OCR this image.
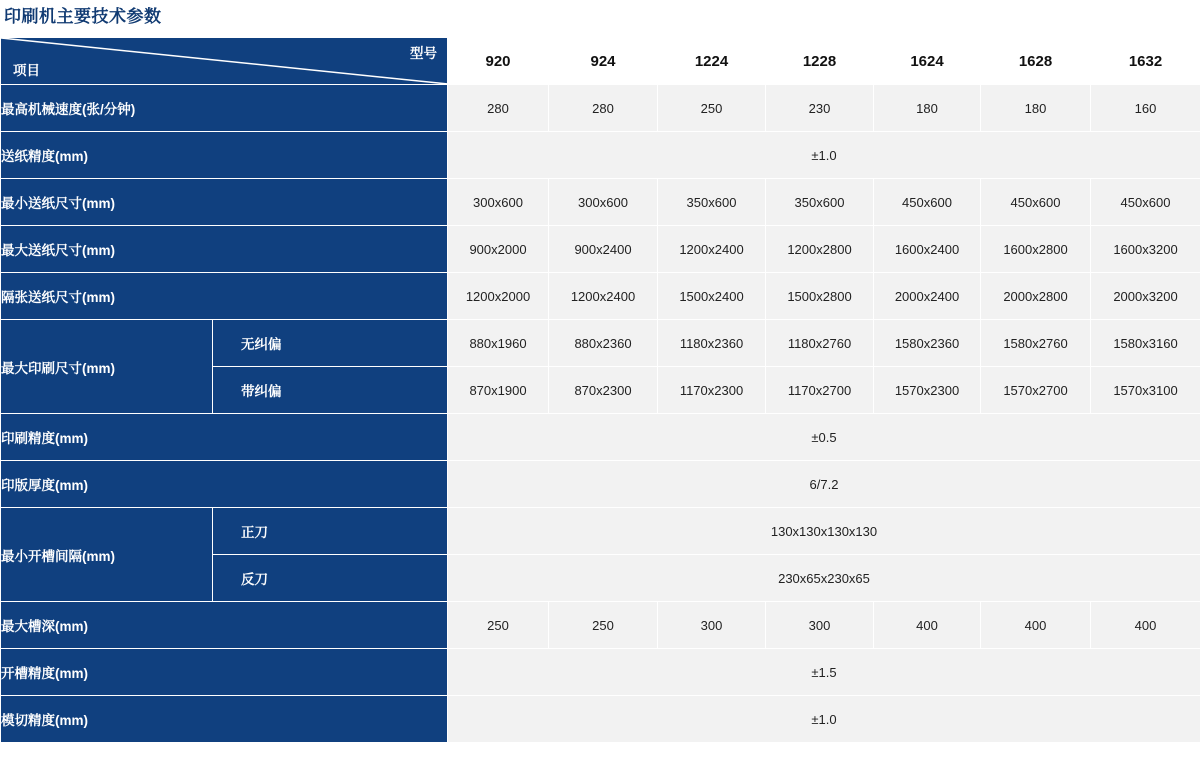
印刷机主要技术参数
项目
型号		920	924	1224	1228	1624	1628	1632
最高机械速度(张/分钟)		280	280	250	230	180	180	160
送纸精度(mm)		±1.0						
最小送纸尺寸(mm)		300x600	300x600	350x600	350x600	450x600	450x600	450x600
最大送纸尺寸(mm)		900x2000	900x2400	1200x2400	1200x2800	1600x2400	1600x2800	1600x3200
隔张送纸尺寸(mm)		1200x2000	1200x2400	1500x2400	1500x2800	2000x2400	2000x2800	2000x3200
最大印刷尺寸(mm)	无纠偏	880x1960	880x2360	1180x2360	1180x2760	1580x2360	1580x2760	1580x3160
	带纠偏	870x1900	870x2300	1170x2300	1170x2700	1570x2300	1570x2700	1570x3100
印刷精度(mm)		±0.5						
印版厚度(mm)		6/7.2						
最小开槽间隔(mm)	正刀	130x130x130x130						
	反刀	230x65x230x65						
最大槽深(mm)		250	250	300	300	400	400	400
开槽精度(mm)		±1.5						
模切精度(mm)		±1.0						
